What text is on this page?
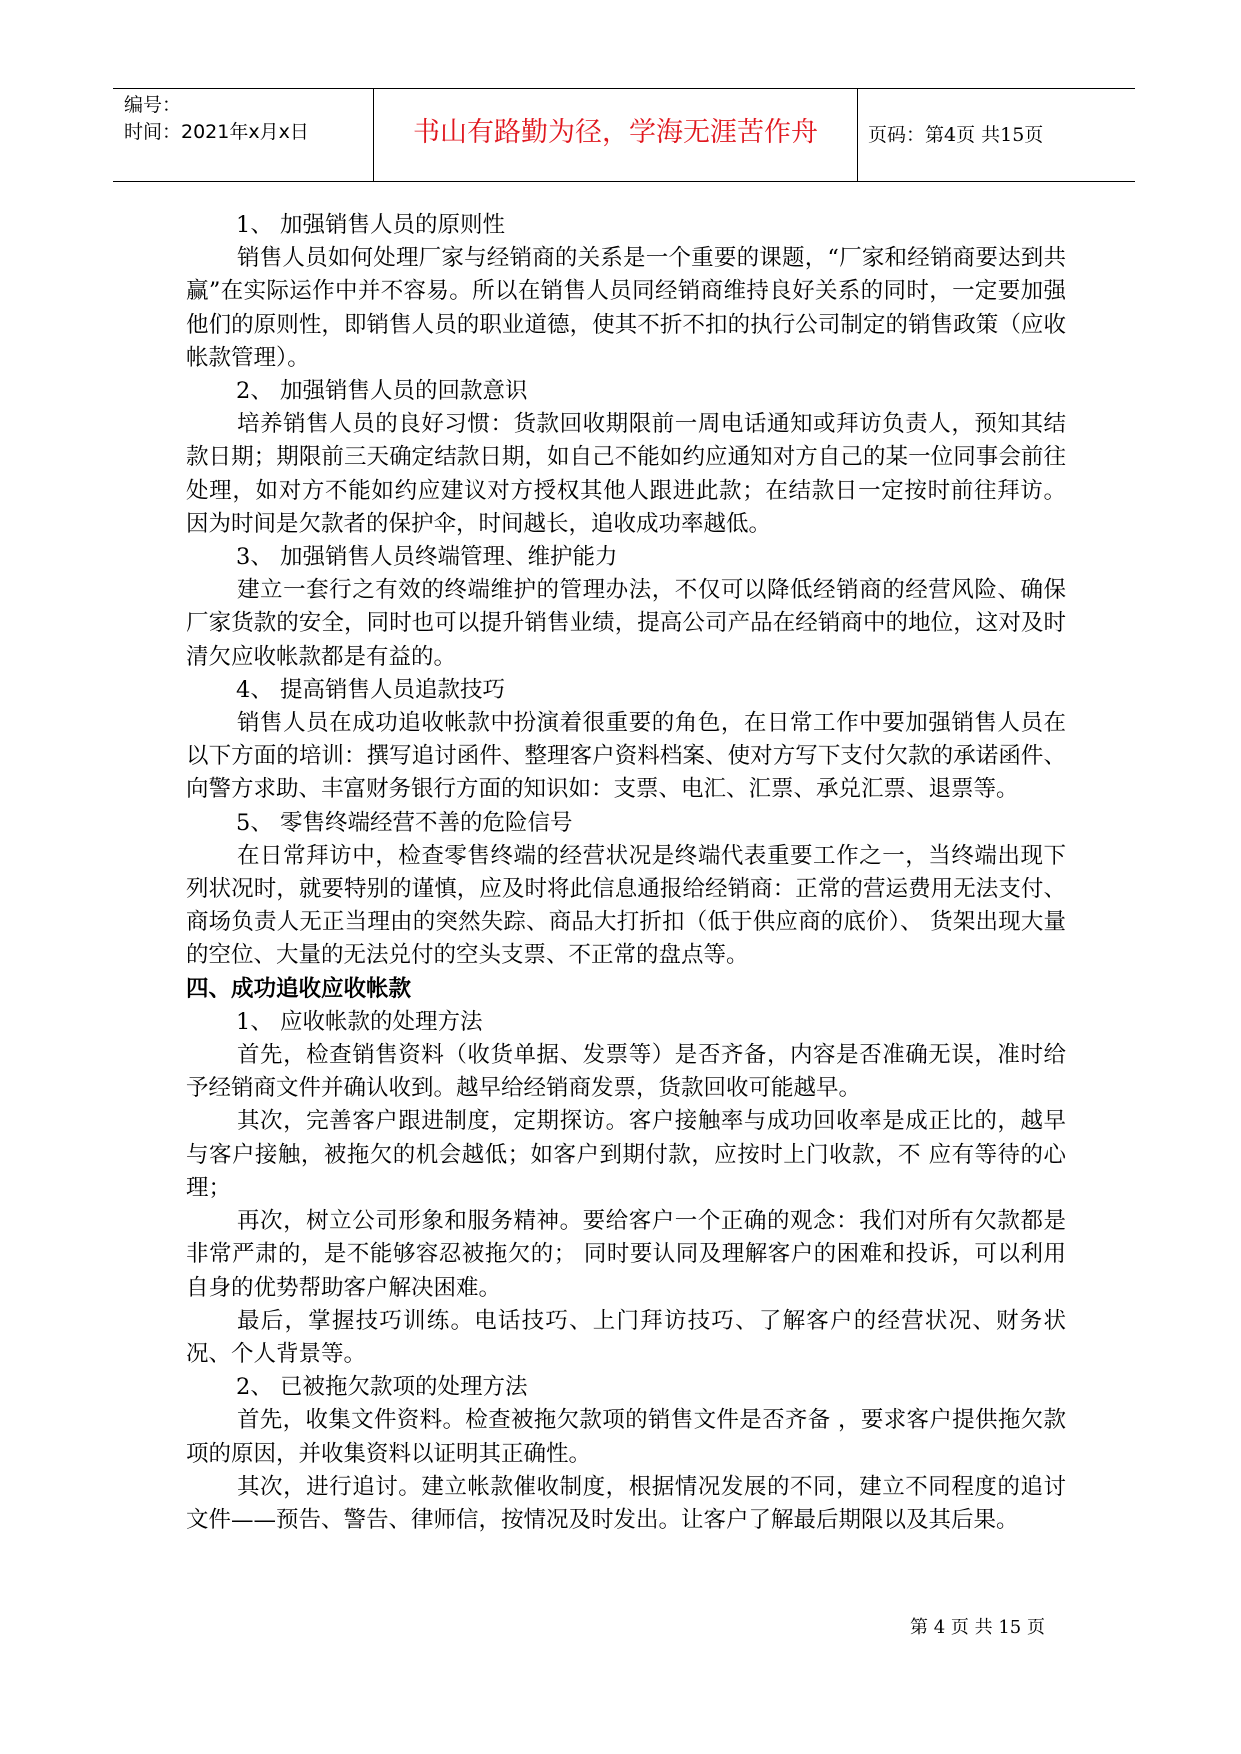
编号：
时间：2021年x月x日	书山有路勤为径，学海无涯苦作舟	页码：第4页 共15页

1、 加强销售人员的原则性

销售人员如何处理厂家与经销商的关系是一个重要的课题，“厂家和经销商要达到共赢”在实际运作中并不容易。所以在销售人员同经销商维持良好关系的同时，一定要加强他们的原则性，即销售人员的职业道德，使其不折不扣的执行公司制定的销售政策（应收帐款管理）。

2、 加强销售人员的回款意识

培养销售人员的良好习惯：货款回收期限前一周电话通知或拜访负责人，预知其结款日期；期限前三天确定结款日期，如自己不能如约应通知对方自己的某一位同事会前往处理，如对方不能如约应建议对方授权其他人跟进此款；在结款日一定按时前往拜访。 因为时间是欠款者的保护伞，时间越长，追收成功率越低。

3、 加强销售人员终端管理、维护能力

建立一套行之有效的终端维护的管理办法，不仅可以降低经销商的经营风险、确保厂家货款的安全，同时也可以提升销售业绩，提高公司产品在经销商中的地位，这对及时清欠应收帐款都是有益的。

4、 提高销售人员追款技巧

销售人员在成功追收帐款中扮演着很重要的角色，在日常工作中要加强销售人员在以下方面的培训：撰写追讨函件、整理客户资料档案、使对方写下支付欠款的承诺函件、向警方求助、丰富财务银行方面的知识如：支票、电汇、汇票、承兑汇票、退票等。

5、 零售终端经营不善的危险信号

在日常拜访中，检查零售终端的经营状况是终端代表重要工作之一，当终端出现下列状况时，就要特别的谨慎，应及时将此信息通报给经销商：正常的营运费用无法支付、商场负责人无正当理由的突然失踪、商品大打折扣（低于供应商的底价）、 货架出现大量的空位、大量的无法兑付的空头支票、不正常的盘点等。

四、成功追收应收帐款

1、 应收帐款的处理方法

首先，检查销售资料（收货单据、发票等）是否齐备，内容是否准确无误，准时给予经销商文件并确认收到。越早给经销商发票，货款回收可能越早。

其次，完善客户跟进制度，定期探访。客户接触率与成功回收率是成正比的，越早与客户接触，被拖欠的机会越低；如客户到期付款，应按时上门收款，不 应有等待的心理；

再次，树立公司形象和服务精神。要给客户一个正确的观念：我们对所有欠款都是非常严肃的，是不能够容忍被拖欠的； 同时要认同及理解客户的困难和投诉，可以利用自身的优势帮助客户解决困难。

最后，掌握技巧训练。电话技巧、上门拜访技巧、了解客户的经营状况、财务状况、个人背景等。

2、 已被拖欠款项的处理方法

首先，收集文件资料。检查被拖欠款项的销售文件是否齐备 ，要求客户提供拖欠款项的原因，并收集资料以证明其正确性。

其次，进行追讨。建立帐款催收制度，根据情况发展的不同，建立不同程度的追讨文件——预告、警告、律师信，按情况及时发出。让客户了解最后期限以及其后果。

第 4 页 共 15 页
